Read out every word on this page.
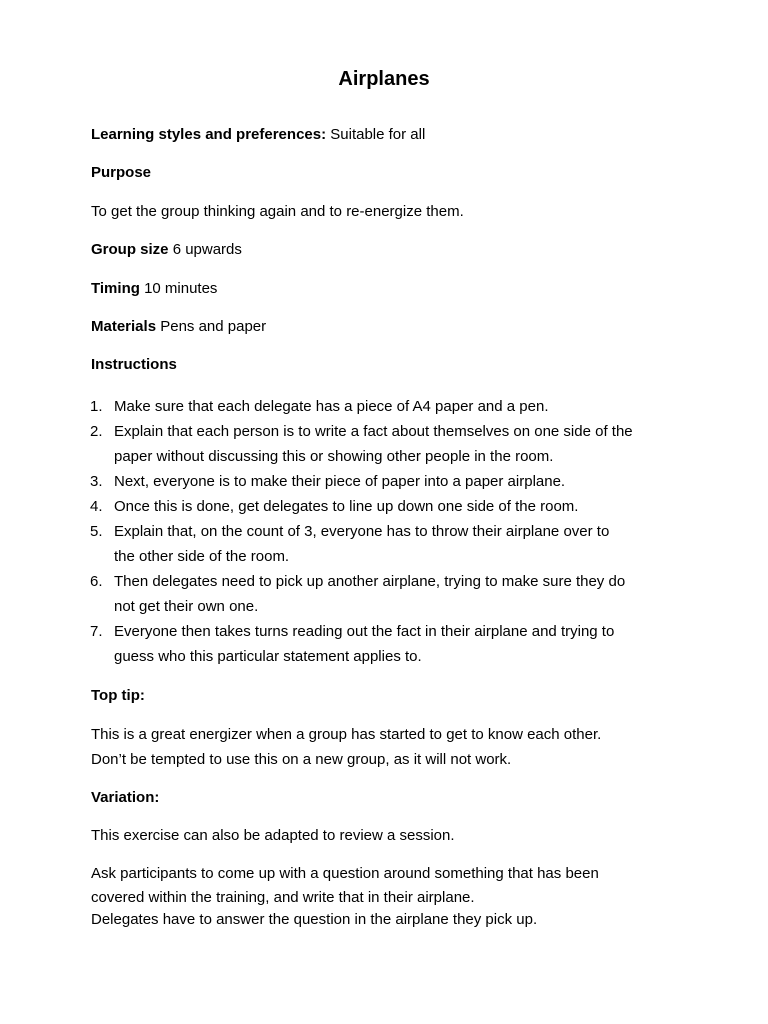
Airplanes
Learning styles and preferences: Suitable for all
Purpose
To get the group thinking again and to re-energize them.
Group size 6 upwards
Timing 10 minutes
Materials Pens and paper
Instructions
1. Make sure that each delegate has a piece of A4 paper and a pen.
2. Explain that each person is to write a fact about themselves on one side of the
paper without discussing this or showing other people in the room.
3. Next, everyone is to make their piece of paper into a paper airplane.
4. Once this is done, get delegates to line up down one side of the room.
5. Explain that, on the count of 3, everyone has to throw their airplane over to
the other side of the room.
6. Then delegates need to pick up another airplane, trying to make sure they do
not get their own one.
7. Everyone then takes turns reading out the fact in their airplane and trying to
guess who this particular statement applies to.
Top tip:
This is a great energizer when a group has started to get to know each other.
Don’t be tempted to use this on a new group, as it will not work.
Variation:
This exercise can also be adapted to review a session.
Ask participants to come up with a question around something that has been
covered within the training, and write that in their airplane.
Delegates have to answer the question in the airplane they pick up.
